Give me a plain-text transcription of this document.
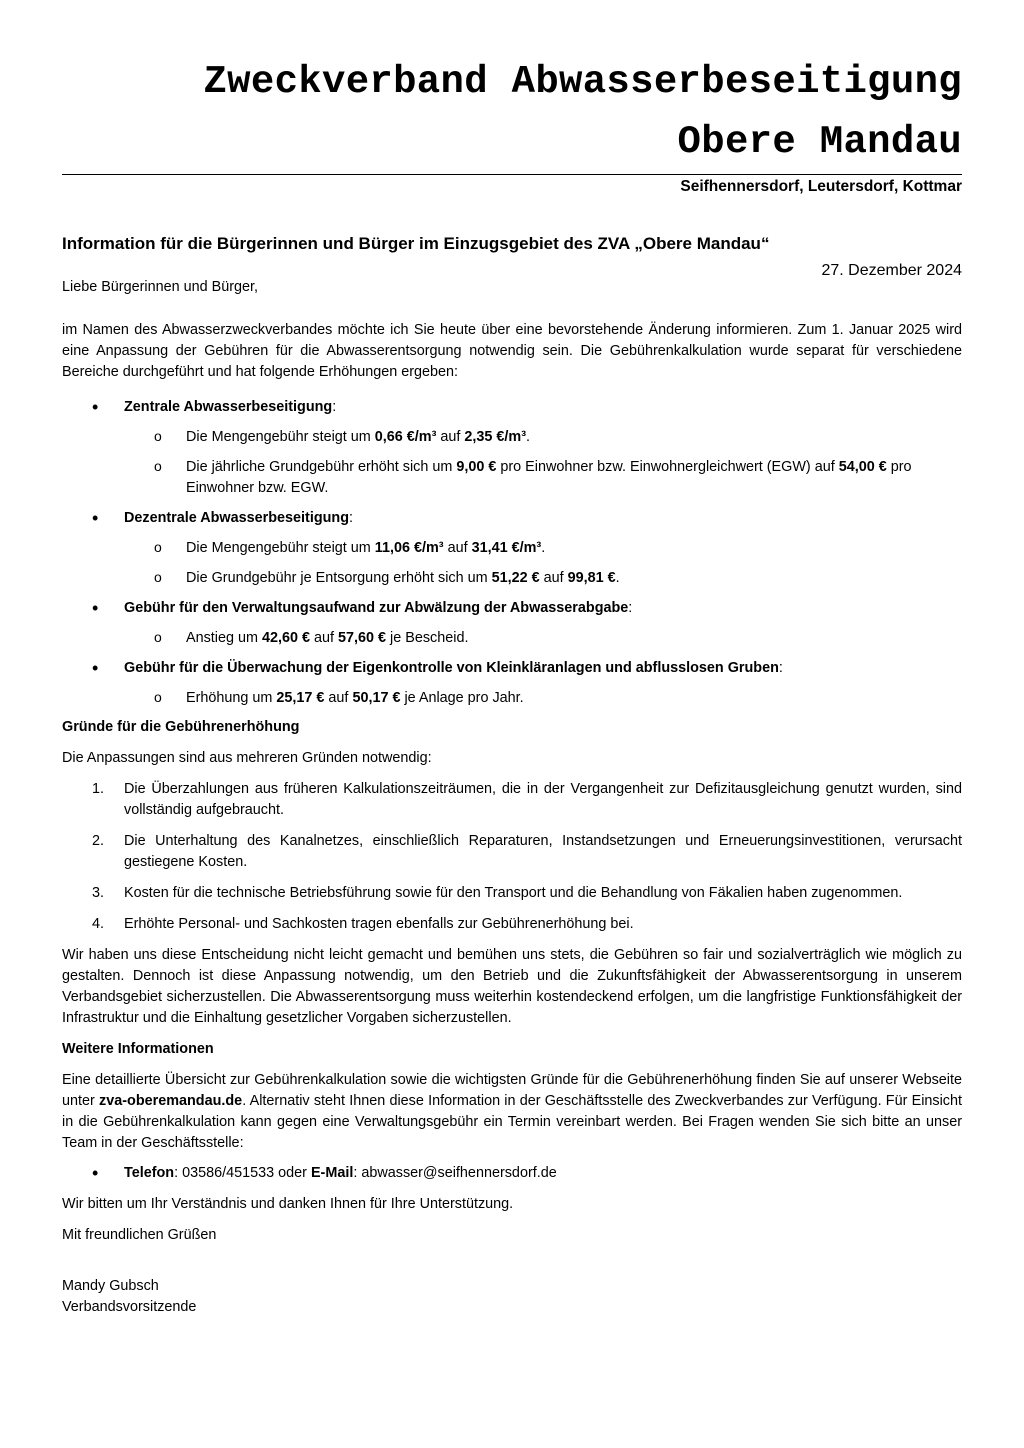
Zweckverband Abwasserbeseitigung
Obere Mandau
Seifhennersdorf, Leutersdorf, Kottmar
Information für die Bürgerinnen und Bürger im Einzugsgebiet des ZVA „Obere Mandau“
27. Dezember 2024

Liebe Bürgerinnen und Bürger,

im Namen des Abwasserzweckverbandes möchte ich Sie heute über eine bevorstehende Änderung informieren. Zum 1. Januar 2025 wird eine Anpassung der Gebühren für die Abwasserentsorgung notwendig sein. Die Gebührenkalkulation wurde separat für verschiedene Bereiche durchgeführt und hat folgende Erhöhungen ergeben:

• Zentrale Abwasserbeseitigung:
o Die Mengengebühr steigt um 0,66 €/m³ auf 2,35 €/m³.
o Die jährliche Grundgebühr erhöht sich um 9,00 € pro Einwohner bzw. Einwohnergleichwert (EGW) auf 54,00 € pro Einwohner bzw. EGW.
• Dezentrale Abwasserbeseitigung:
o Die Mengengebühr steigt um 11,06 €/m³ auf 31,41 €/m³.
o Die Grundgebühr je Entsorgung erhöht sich um 51,22 € auf 99,81 €.
• Gebühr für den Verwaltungsaufwand zur Abwälzung der Abwasserabgabe:
o Anstieg um 42,60 € auf 57,60 € je Bescheid.
• Gebühr für die Überwachung der Eigenkontrolle von Kleinkläranlagen und abflusslosen Gruben:
o Erhöhung um 25,17 € auf 50,17 € je Anlage pro Jahr.

Gründe für die Gebührenerhöhung

Die Anpassungen sind aus mehreren Gründen notwendig:

1. Die Überzahlungen aus früheren Kalkulationszeiträumen, die in der Vergangenheit zur Defizitausgleichung genutzt wurden, sind vollständig aufgebraucht.
2. Die Unterhaltung des Kanalnetzes, einschließlich Reparaturen, Instandsetzungen und Erneuerungsinvestitionen, verursacht gestiegene Kosten.
3. Kosten für die technische Betriebsführung sowie für den Transport und die Behandlung von Fäkalien haben zugenommen.
4. Erhöhte Personal- und Sachkosten tragen ebenfalls zur Gebührenerhöhung bei.

Wir haben uns diese Entscheidung nicht leicht gemacht und bemühen uns stets, die Gebühren so fair und sozialverträglich wie möglich zu gestalten. Dennoch ist diese Anpassung notwendig, um den Betrieb und die Zukunftsfähigkeit der Abwasserentsorgung in unserem Verbandsgebiet sicherzustellen. Die Abwasserentsorgung muss weiterhin kostendeckend erfolgen, um die langfristige Funktionsfähigkeit der Infrastruktur und die Einhaltung gesetzlicher Vorgaben sicherzustellen.

Weitere Informationen

Eine detaillierte Übersicht zur Gebührenkalkulation sowie die wichtigsten Gründe für die Gebührenerhöhung finden Sie auf unserer Webseite unter zva-oberemandau.de. Alternativ steht Ihnen diese Information in der Geschäftsstelle des Zweckverbandes zur Verfügung. Für Einsicht in die Gebührenkalkulation kann gegen eine Verwaltungsgebühr ein Termin vereinbart werden. Bei Fragen wenden Sie sich bitte an unser Team in der Geschäftsstelle:

• Telefon: 03586/451533 oder E-Mail: abwasser@seifhennersdorf.de

Wir bitten um Ihr Verständnis und danken Ihnen für Ihre Unterstützung.

Mit freundlichen Grüßen

Mandy Gubsch

Verbandsvorsitzende
